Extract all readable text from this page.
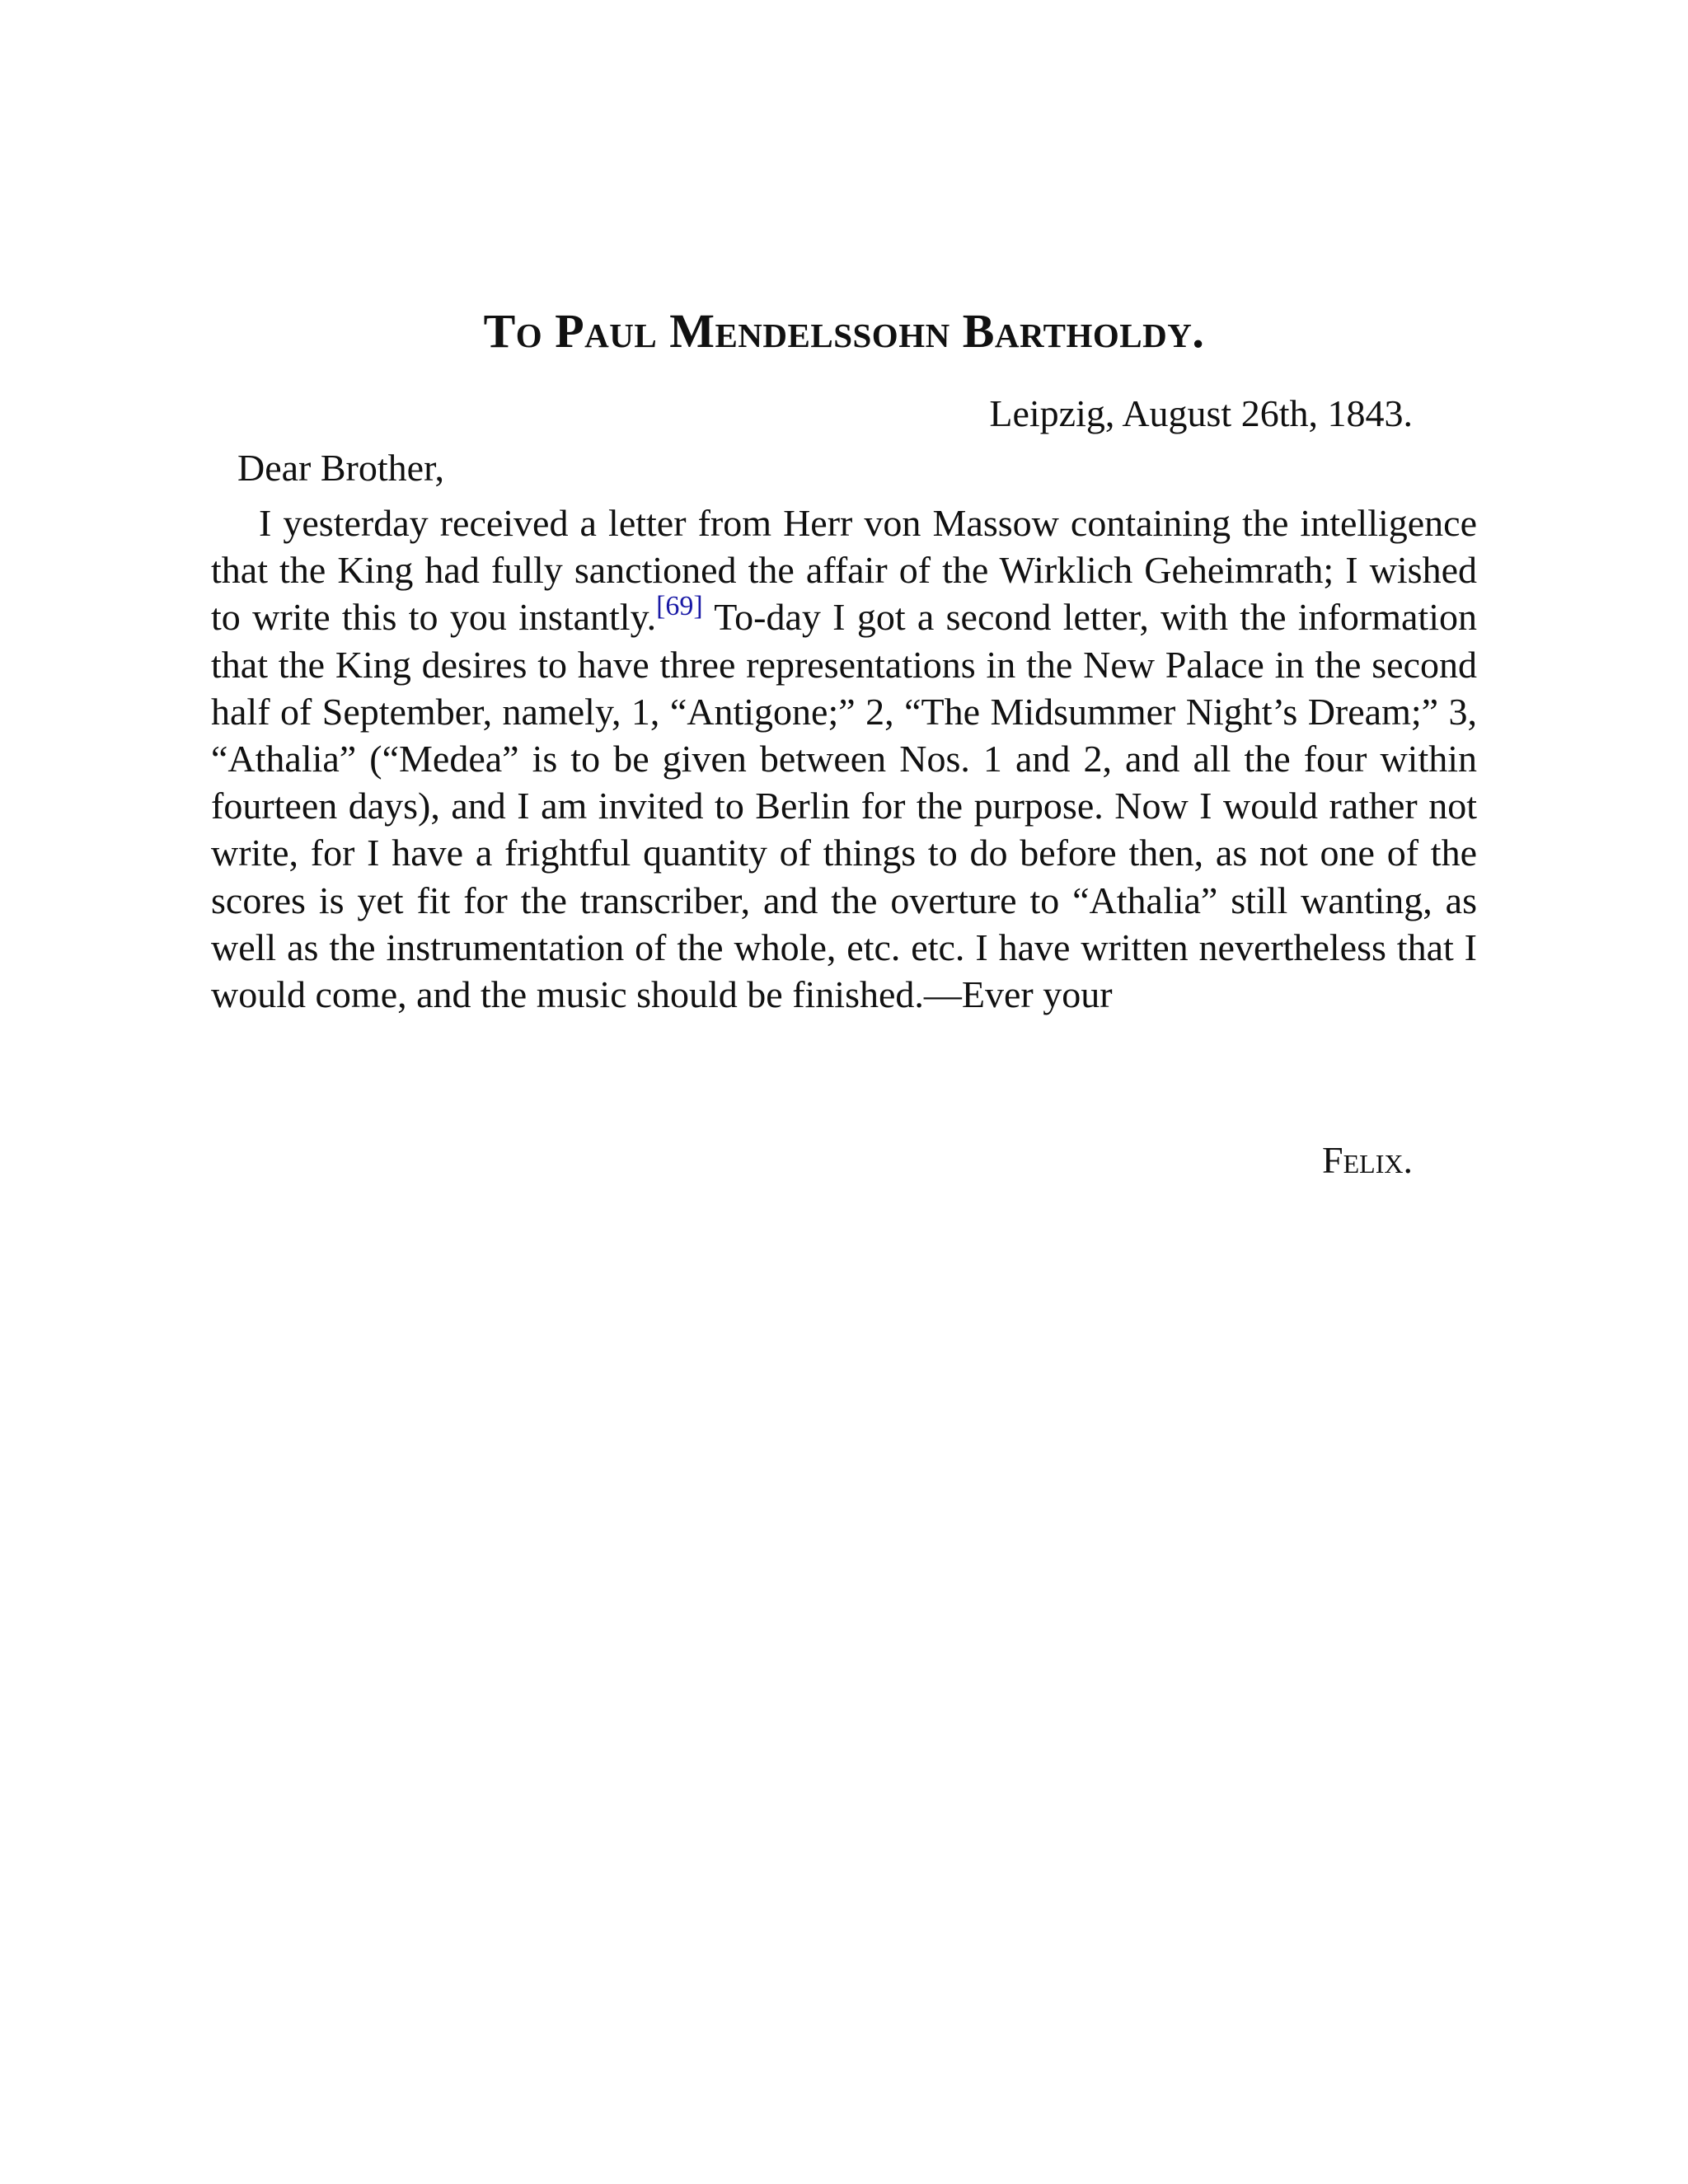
To Paul Mendelssohn Bartholdy.
Leipzig, August 26th, 1843.
Dear Brother,

I yesterday received a letter from Herr von Massow containing the intelligence that the King had fully sanctioned the affair of the Wirklich Geheimrath; I wished to write this to you instantly.[69] To-day I got a second letter, with the information that the King desires to have three representations in the New Palace in the second half of September, namely, 1, “Antigone;” 2, “The Midsummer Night’s Dream;” 3, “Athalia” (“Medea” is to be given between Nos. 1 and 2, and all the four within fourteen days), and I am invited to Berlin for the purpose. Now I would rather not write, for I have a frightful quantity of things to do before then, as not one of the scores is yet fit for the transcriber, and the overture to “Athalia” still wanting, as well as the instrumentation of the whole, etc. etc. I have written nevertheless that I would come, and the music should be finished.—Ever your

Felix.
